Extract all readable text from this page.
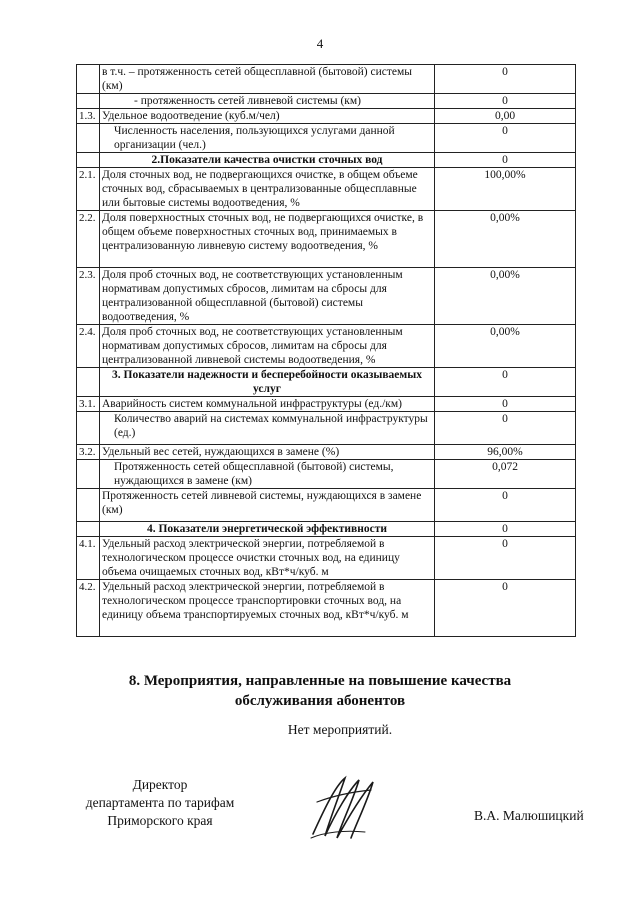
4
	в т.ч. – протяженность сетей общесплавной (бытовой) системы (км)	0
	- протяженность сетей ливневой системы (км)	0
1.3.	Удельное водоотведение (куб.м/чел)	0,00
	Численность населения, пользующихся услугами данной организации (чел.)	0
	2.Показатели качества очистки сточных вод	0
2.1.	Доля сточных вод, не подвергающихся очистке, в общем объеме сточных вод, сбрасываемых в централизованные общесплавные или бытовые системы водоотведения, %	100,00%
2.2.	Доля поверхностных сточных вод, не подвергающихся очистке, в общем объеме поверхностных сточных вод, принимаемых в централизованную ливневую систему водоотведения, %	0,00%
2.3.	Доля проб сточных вод, не соответствующих установленным нормативам допустимых сбросов, лимитам на сбросы для централизованной общесплавной (бытовой) системы водоотведения, %	0,00%
2.4.	Доля проб сточных вод, не соответствующих установленным нормативам допустимых сбросов, лимитам на сбросы для централизованной ливневой системы водоотведения, %	0,00%
	3. Показатели надежности и бесперебойности оказываемых услуг	0
3.1.	Аварийность систем коммунальной инфраструктуры (ед./км)	0
	Количество аварий на системах коммунальной инфраструктуры (ед.)	0
3.2.	Удельный вес сетей, нуждающихся в замене (%)	96,00%
	Протяженность сетей общесплавной (бытовой) системы, нуждающихся в замене (км)	0,072
	Протяженность сетей ливневой системы, нуждающихся в замене (км)	0
	4. Показатели энергетической эффективности	0
4.1.	Удельный расход электрической энергии, потребляемой в технологическом процессе очистки сточных вод, на единицу объема очищаемых сточных вод, кВт*ч/куб. м	0
4.2.	Удельный расход электрической энергии, потребляемой в технологическом процессе транспортировки сточных вод, на единицу объема транспортируемых сточных вод, кВт*ч/куб. м	0
8. Мероприятия, направленные на повышение качества
обслуживания абонентов
Нет мероприятий.
Директор
департамента по тарифам
Приморского края	В.А. Малюшицкий
